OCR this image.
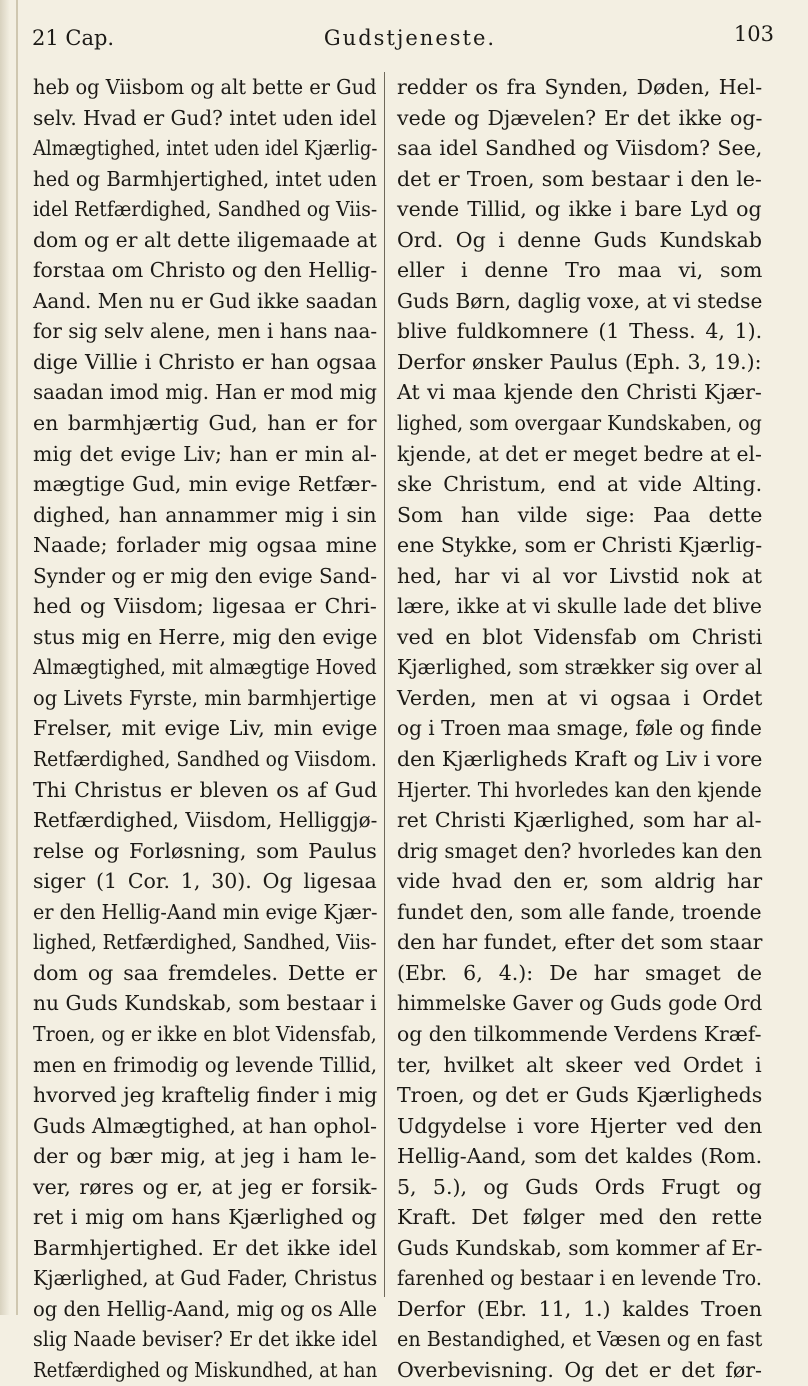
21 Cap.	Gudstjeneste.	103
heb og Viisbom og alt bette er Gud
selv. Hvad er Gud? intet uden idel
Almægtighed, intet uden idel Kjærlig-
hed og Barmhjertighed, intet uden
idel Retfærdighed, Sandhed og Viis-
dom og er alt dette iligemaade at
forstaa om Christo og den Hellig-
Aand. Men nu er Gud ikke saadan
for sig selv alene, men i hans naa-
dige Villie i Christo er han ogsaa
saadan imod mig. Han er mod mig
en barmhjærtig Gud, han er for
mig det evige Liv; han er min al-
mægtige Gud, min evige Retfær-
dighed, han annammer mig i sin
Naade; forlader mig ogsaa mine
Synder og er mig den evige Sand-
hed og Viisdom; ligesaa er Chri-
stus mig en Herre, mig den evige
Almægtighed, mit almægtige Hoved
og Livets Fyrste, min barmhjertige
Frelser, mit evige Liv, min evige
Retfærdighed, Sandhed og Viisdom.
Thi Christus er bleven os af Gud
Retfærdighed, Viisdom, Helliggjø-
relse og Forløsning, som Paulus
siger (1 Cor. 1, 30). Og ligesaa
er den Hellig-Aand min evige Kjær-
lighed, Retfærdighed, Sandhed, Viis-
dom og saa fremdeles. Dette er
nu Guds Kundskab, som bestaar i
Troen, og er ikke en blot Vidensfab,
men en frimodig og levende Tillid,
hvorved jeg kraftelig finder i mig
Guds Almægtighed, at han ophol-
der og bær mig, at jeg i ham le-
ver, røres og er, at jeg er forsik-
ret i mig om hans Kjærlighed og
Barmhjertighed. Er det ikke idel
Kjærlighed, at Gud Fader, Christus
og den Hellig-Aand, mig og os Alle
slig Naade beviser? Er det ikke idel
Retfærdighed og Miskundhed, at han
redder os fra Synden, Døden, Hel-
vede og Djævelen? Er det ikke og-
saa idel Sandhed og Viisdom? See,
det er Troen, som bestaar i den le-
vende Tillid, og ikke i bare Lyd og
Ord. Og i denne Guds Kundskab
eller i denne Tro maa vi, som
Guds Børn, daglig voxe, at vi stedse
blive fuldkomnere (1 Thess. 4, 1).
Derfor ønsker Paulus (Eph. 3, 19.):
At vi maa kjende den Christi Kjær-
lighed, som overgaar Kundskaben, og
kjende, at det er meget bedre at el-
ske Christum, end at vide Alting.
Som han vilde sige: Paa dette
ene Stykke, som er Christi Kjærlig-
hed, har vi al vor Livstid nok at
lære, ikke at vi skulle lade det blive
ved en blot Vidensfab om Christi
Kjærlighed, som strækker sig over al
Verden, men at vi ogsaa i Ordet
og i Troen maa smage, føle og finde
den Kjærligheds Kraft og Liv i vore
Hjerter. Thi hvorledes kan den kjende
ret Christi Kjærlighed, som har al-
drig smaget den? hvorledes kan den
vide hvad den er, som aldrig har
fundet den, som alle fande, troende
den har fundet, efter det som staar
(Ebr. 6, 4.): De har smaget de
himmelske Gaver og Guds gode Ord
og den tilkommende Verdens Kræf-
ter, hvilket alt skeer ved Ordet i
Troen, og det er Guds Kjærligheds
Udgydelse i vore Hjerter ved den
Hellig-Aand, som det kaldes (Rom.
5, 5.), og Guds Ords Frugt og
Kraft. Det følger med den rette
Guds Kundskab, som kommer af Er-
farenhed og bestaar i en levende Tro.
Derfor (Ebr. 11, 1.) kaldes Troen
en Bestandighed, et Væsen og en fast
Overbevisning. Og det er det før-
